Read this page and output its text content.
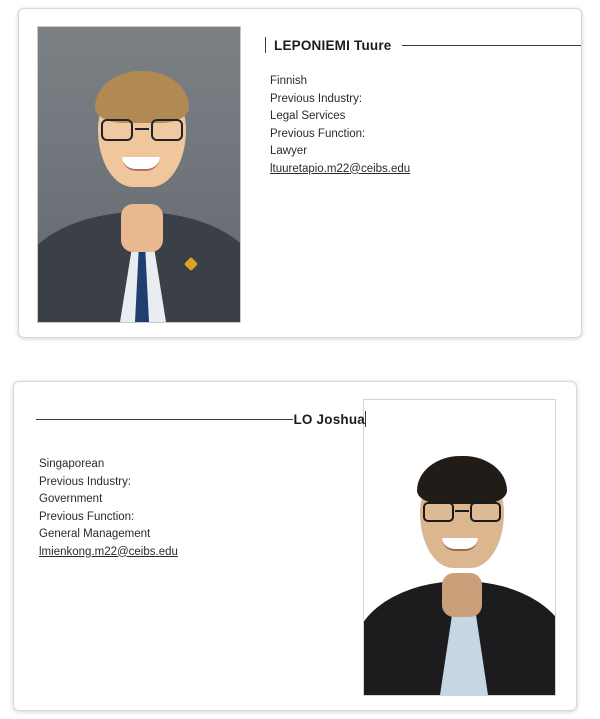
LEPONIEMI Tuure
Finnish
Previous Industry:
Legal Services
Previous Function:
Lawyer
ltuuretapio.m22@ceibs.edu
LO Joshua
Singaporean
Previous Industry:
Government
Previous Function:
General Management
lmienkong.m22@ceibs.edu
